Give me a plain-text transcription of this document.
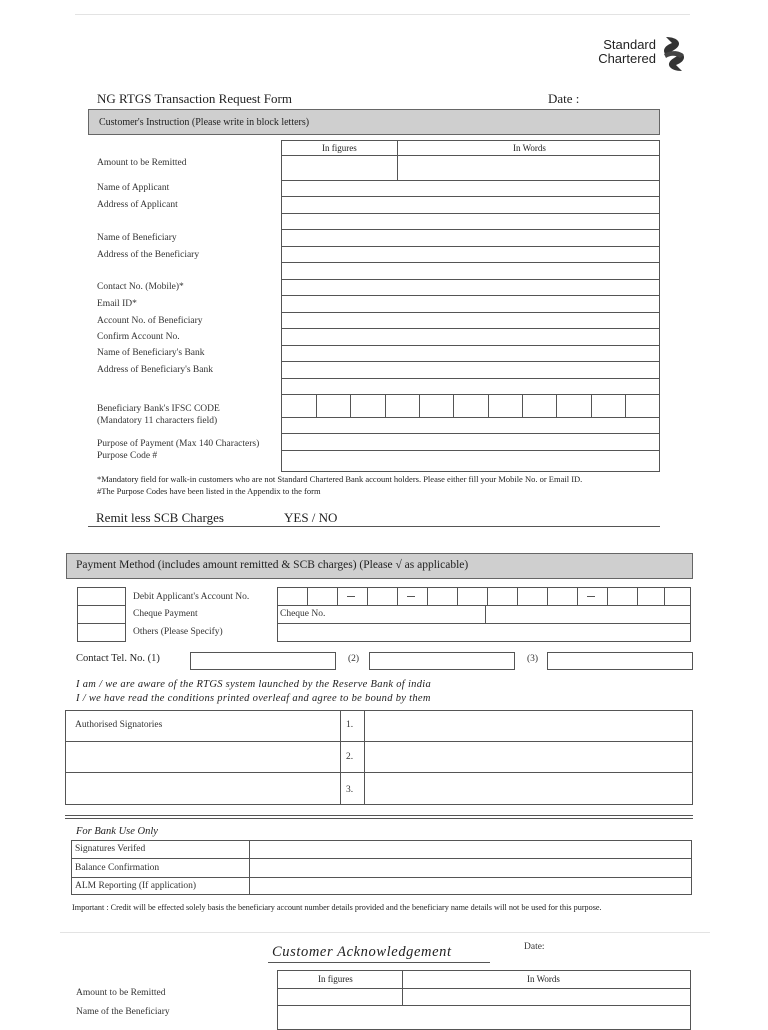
Standard
Chartered
NG RTGS Transaction Request Form	Date :
Customer's Instruction (Please write in block letters)
In figures	In Words
Amount to be Remitted
Name of Applicant
Address of Applicant
Name of Beneficiary
Address of the Beneficiary
Contact No. (Mobile)*
Email ID*
Account No. of Beneficiary
Confirm Account No.
Name of Beneficiary's Bank
Address of Beneficiary's Bank
Beneficiary Bank's IFSC CODE
(Mandatory 11 characters field)
Purpose of Payment (Max 140 Characters)
Purpose Code #
*Mandatory field for walk-in customers who are not Standard Chartered Bank account holders. Please either fill your Mobile No. or Email ID.
#The Purpose Codes have been listed in the Appendix to the form
Remit less SCB Charges	YES / NO
Payment Method (includes amount remitted & SCB charges) (Please √ as applicable)
Debit Applicant's Account No.
Cheque Payment
Others (Please Specify)
Cheque No.
Contact Tel. No. (1)	(2)	(3)
I am / we are aware of the RTGS system launched by the Reserve Bank of india
I / we have read the conditions printed overleaf and agree to be bound by them
Authorised Signatories	1.
2.
3.
For Bank Use Only
Signatures Verifed
Balance Confirmation
ALM Reporting (If application)
Important : Credit will be effected solely basis the beneficiary account number details provided and the beneficiary name details will not be used for this purpose.
Customer Acknowledgement	Date:
In figures	In Words
Amount to be Remitted
Name of the Beneficiary
